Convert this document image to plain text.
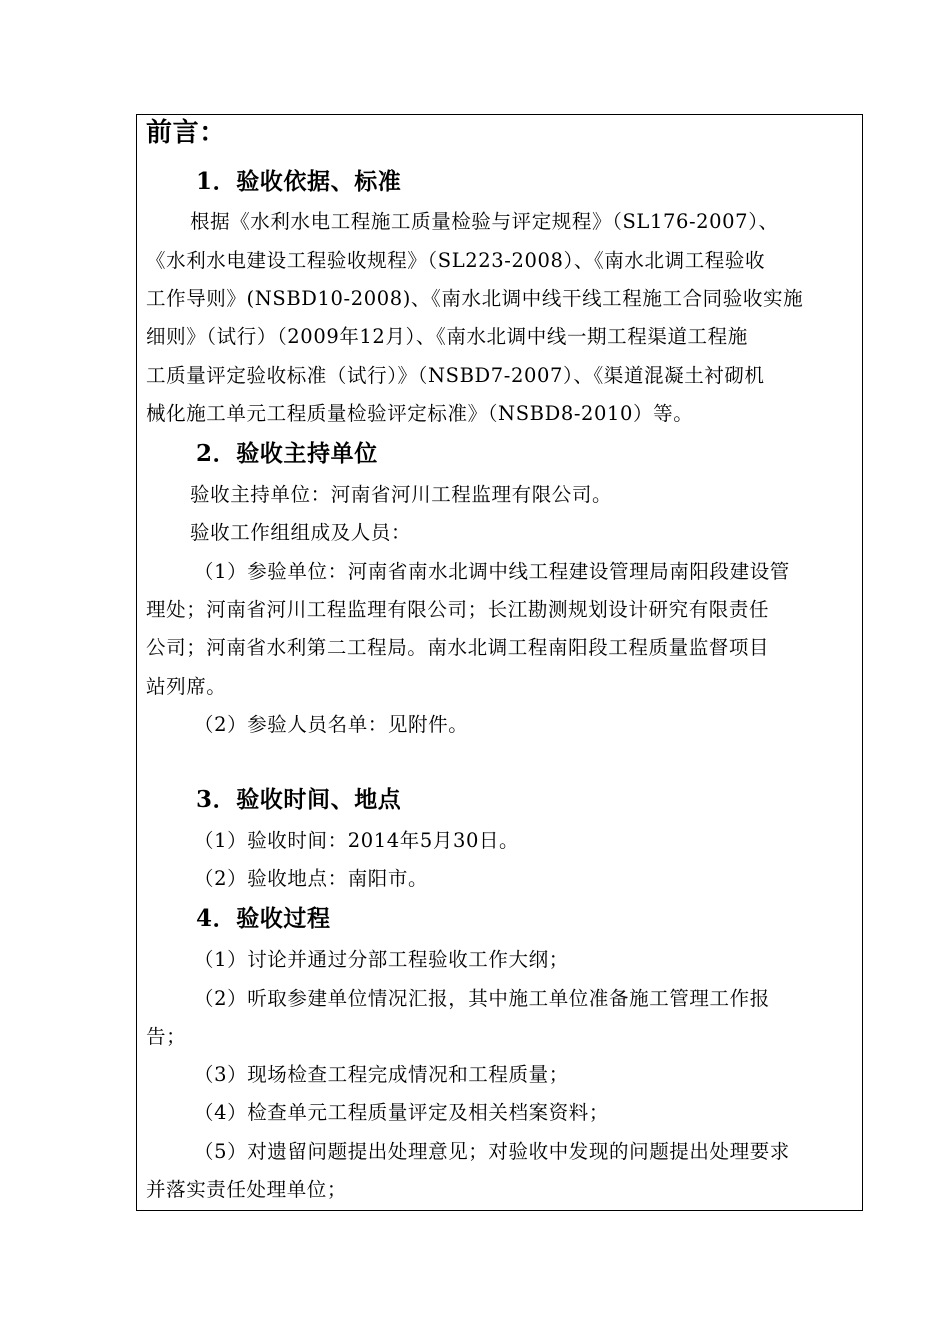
前言：
1．验收依据、标准
根据《水利水电工程施工质量检验与评定规程》（SL176-2007）、
《水利水电建设工程验收规程》（SL223-2008）、《南水北调工程验收
工作导则》(NSBD10-2008)、《南水北调中线干线工程施工合同验收实施
细则》（试行）（2009年12月）、《南水北调中线一期工程渠道工程施
工质量评定验收标准（试行）》（NSBD7-2007）、《渠道混凝土衬砌机
械化施工单元工程质量检验评定标准》（NSBD8-2010）等。
2．验收主持单位
验收主持单位：河南省河川工程监理有限公司。
验收工作组组成及人员：
（1）参验单位：河南省南水北调中线工程建设管理局南阳段建设管
理处；河南省河川工程监理有限公司；长江勘测规划设计研究有限责任
公司；河南省水利第二工程局。南水北调工程南阳段工程质量监督项目
站列席。
（2）参验人员名单：见附件。
3．验收时间、地点
（1）验收时间：2014年5月30日。
（2）验收地点：南阳市。
4．验收过程
（1）讨论并通过分部工程验收工作大纲；
（2）听取参建单位情况汇报，其中施工单位准备施工管理工作报
告；
（3）现场检查工程完成情况和工程质量；
（4）检查单元工程质量评定及相关档案资料；
（5）对遗留问题提出处理意见；对验收中发现的问题提出处理要求
并落实责任处理单位；
